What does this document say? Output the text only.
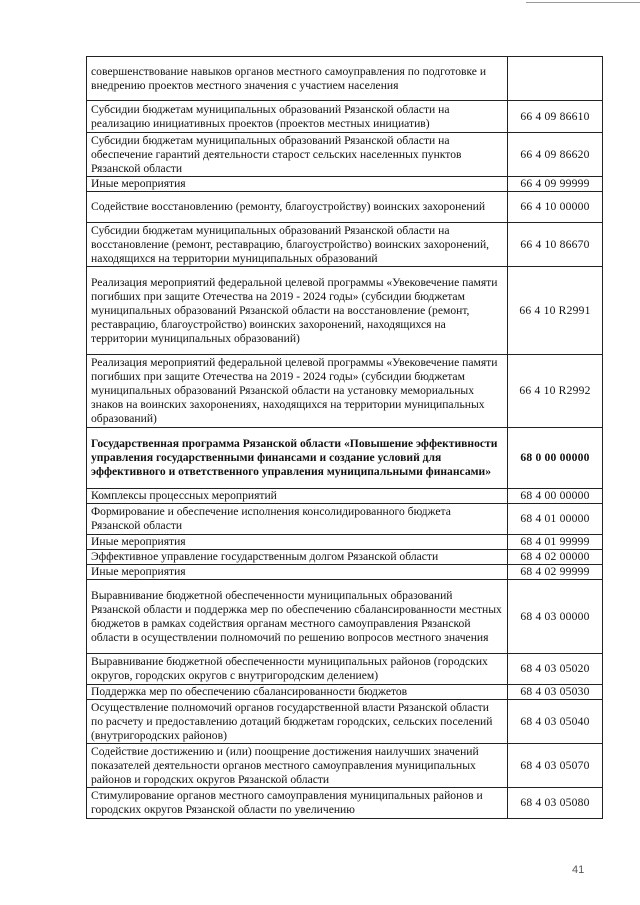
совершенствование навыков органов местного самоуправления по подготовке и внедрению проектов местного значения с участием населения	
Субсидии бюджетам муниципальных образований Рязанской области на реализацию инициативных проектов (проектов местных инициатив)	66 4 09 86610
Субсидии бюджетам муниципальных образований Рязанской области на обеспечение гарантий деятельности старост сельских населенных пунктов Рязанской области	66 4 09 86620
Иные мероприятия	66 4 09 99999
Содействие восстановлению (ремонту, благоустройству) воинских захоронений	66 4 10 00000
Субсидии бюджетам муниципальных образований Рязанской области на восстановление (ремонт, реставрацию, благоустройство) воинских захоронений, находящихся на территории муниципальных образований	66 4 10 86670
Реализация мероприятий федеральной целевой программы «Увековечение памяти погибших при защите Отечества на 2019 - 2024 годы» (субсидии бюджетам муниципальных образований Рязанской области на восстановление (ремонт, реставрацию, благоустройство) воинских захоронений, находящихся на территории муниципальных образований)	66 4 10 R2991
Реализация мероприятий федеральной целевой программы «Увековечение памяти погибших при защите Отечества на 2019 - 2024 годы» (субсидии бюджетам муниципальных образований Рязанской области на установку мемориальных знаков на воинских захоронениях, находящихся на территории муниципальных образований)	66 4 10 R2992
Государственная программа Рязанской области «Повышение эффективности управления государственными финансами и создание условий для эффективного и ответственного управления муниципальными финансами»	68 0 00 00000
Комплексы процессных мероприятий	68 4 00 00000
Формирование и обеспечение исполнения консолидированного бюджета Рязанской области	68 4 01 00000
Иные мероприятия	68 4 01 99999
Эффективное управление государственным долгом Рязанской области	68 4 02 00000
Иные мероприятия	68 4 02 99999
Выравнивание бюджетной обеспеченности муниципальных образований Рязанской области и поддержка мер по обеспечению сбалансированности местных бюджетов в рамках содействия органам местного самоуправления Рязанской области в осуществлении полномочий по решению вопросов местного значения	68 4 03 00000
Выравнивание бюджетной обеспеченности муниципальных районов (городских округов, городских округов с внутригородским делением)	68 4 03 05020
Поддержка мер по обеспечению сбалансированности бюджетов	68 4 03 05030
Осуществление полномочий органов государственной власти Рязанской области по расчету и предоставлению дотаций бюджетам городских, сельских поселений (внутригородских районов)	68 4 03 05040
Содействие достижению и (или) поощрение достижения наилучших значений показателей деятельности органов местного самоуправления муниципальных районов и городских округов Рязанской области	68 4 03 05070
Стимулирование органов местного самоуправления муниципальных районов и городских округов Рязанской области по увеличению	68 4 03 05080
41
